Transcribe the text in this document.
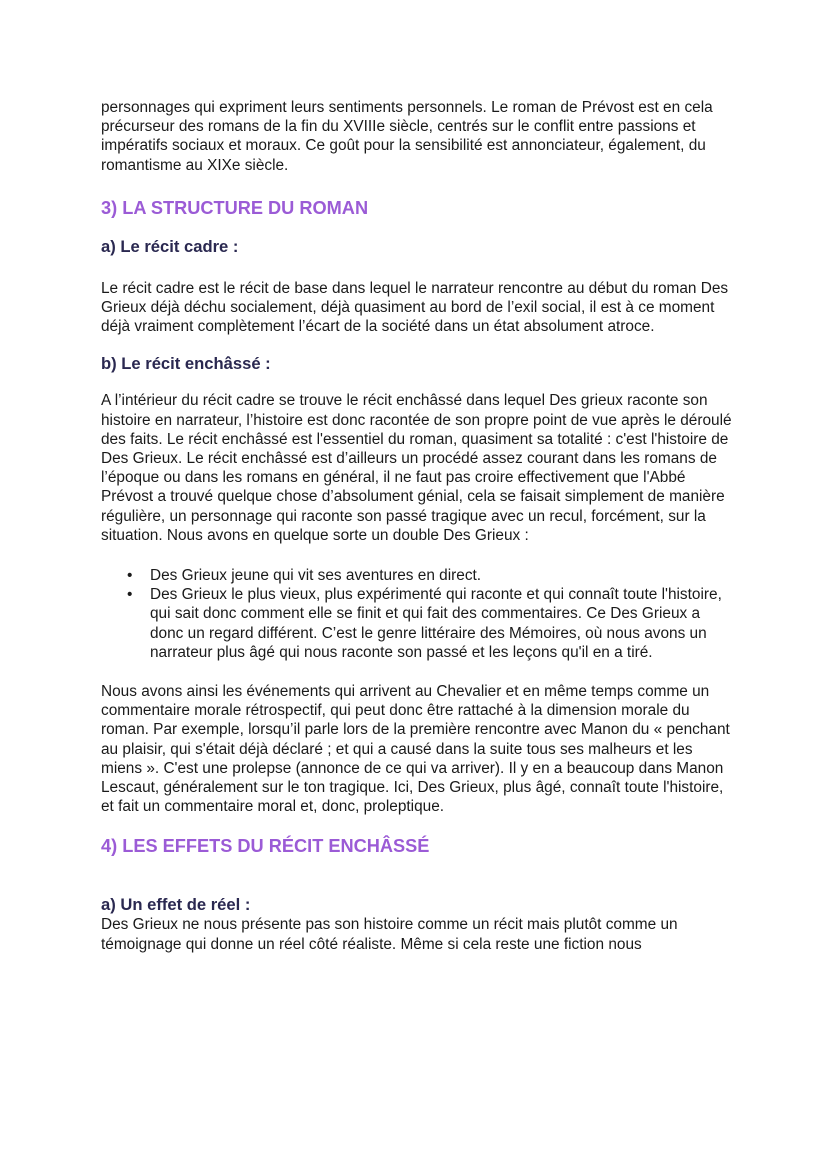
personnages qui expriment leurs sentiments personnels. Le roman de Prévost est en cela précurseur des romans de la fin du XVIIIe siècle, centrés sur le conflit entre passions et impératifs sociaux et moraux. Ce goût pour la sensibilité est annonciateur, également, du romantisme au XIXe siècle.

3) LA STRUCTURE DU ROMAN
a) Le récit cadre :

Le récit cadre est le récit de base dans lequel le narrateur rencontre au début du roman Des Grieux déjà déchu socialement, déjà quasiment au bord de l’exil social, il est à ce moment déjà vraiment complètement l’écart de la société dans un état absolument atroce.

b) Le récit enchâssé :

A l’intérieur du récit cadre se trouve le récit enchâssé dans lequel Des grieux raconte son histoire en narrateur, l’histoire est donc racontée de son propre point de vue après le déroulé des faits. Le récit enchâssé est l'essentiel du roman, quasiment sa totalité : c'est l'histoire de Des Grieux. Le récit enchâssé est d’ailleurs un procédé assez courant dans les romans de l’époque ou dans les romans en général, il ne faut pas croire effectivement que l'Abbé Prévost a trouvé quelque chose d’absolument génial, cela se faisait simplement de manière régulière, un personnage qui raconte son passé tragique avec un recul, forcément, sur la situation. Nous avons en quelque sorte un double Des Grieux :

• Des Grieux jeune qui vit ses aventures en direct.
• Des Grieux le plus vieux, plus expérimenté qui raconte et qui connaît toute l'histoire, qui sait donc comment elle se finit et qui fait des commentaires. Ce Des Grieux a donc un regard différent. C’est le genre littéraire des Mémoires, où nous avons un narrateur plus âgé qui nous raconte son passé et les leçons qu'il en a tiré.

Nous avons ainsi les événements qui arrivent au Chevalier et en même temps comme un commentaire morale rétrospectif, qui peut donc être rattaché à la dimension morale du roman. Par exemple, lorsqu’il parle lors de la première rencontre avec Manon du « penchant au plaisir, qui s'était déjà déclaré ; et qui a causé dans la suite tous ses malheurs et les miens ». C'est une prolepse (annonce de ce qui va arriver). Il y en a beaucoup dans Manon Lescaut, généralement sur le ton tragique. Ici, Des Grieux, plus âgé, connaît toute l'histoire, et fait un commentaire moral et, donc, proleptique.

4) LES EFFETS DU RÉCIT ENCHÂSSÉ
a) Un effet de réel :

Des Grieux ne nous présente pas son histoire comme un récit mais plutôt comme un témoignage qui donne un réel côté réaliste. Même si cela reste une fiction nous
